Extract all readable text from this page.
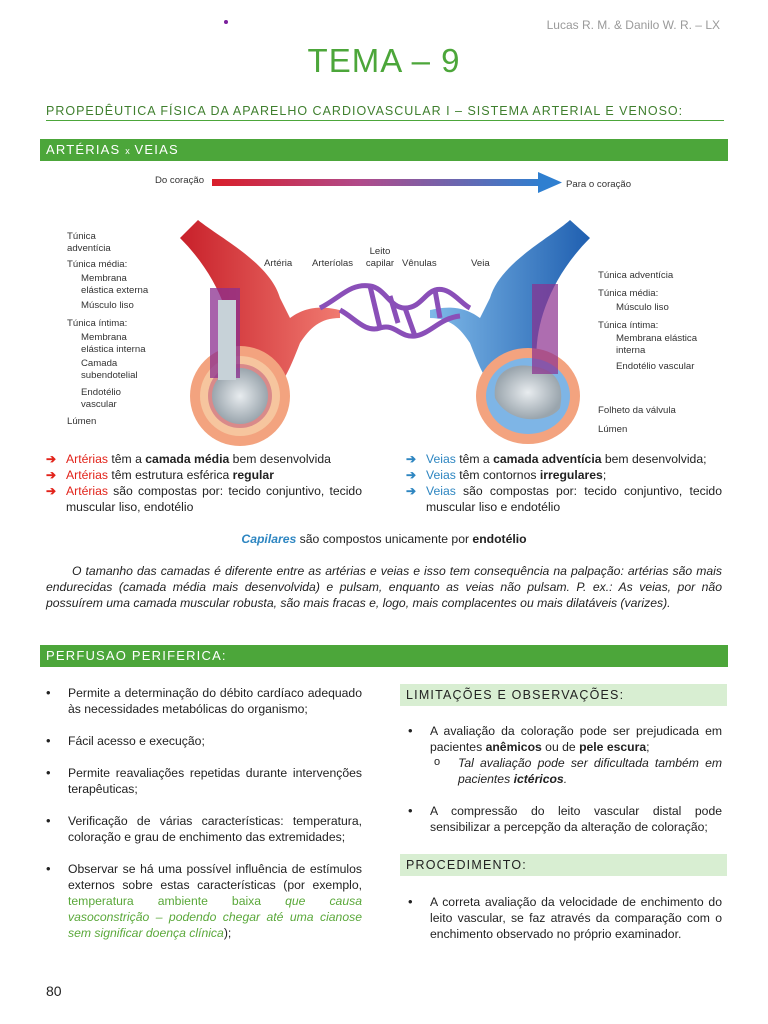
Lucas R. M. & Danilo W. R. – LX
TEMA – 9
PROPEDÊUTICA FÍSICA DA APARELHO CARDIOVASCULAR I – SISTEMA ARTERIAL E VENOSO:
ARTÉRIAS x VEIAS
Do coração	Para o coração
Artéria Arteríolas
Leito capilar Vênulas	Veia
Túnica adventícia
Túnica média:
Membrana elástica externa
Músculo liso
Túnica íntima:
Membrana elástica interna
Camada subendotelial
Endotélio vascular
Lúmen
Túnica adventícia
Túnica média:
Músculo liso
Túnica íntima:
Membrana elástica interna
Endotélio vascular
Folheto da válvula
Lúmen
➔ Artérias têm a camada média bem desenvolvida
➔ Artérias têm estrutura esférica regular
➔ Artérias são compostas por: tecido conjuntivo, tecido muscular liso, endotélio
➔ Veias têm a camada adventícia bem desenvolvida;
➔ Veias têm contornos irregulares;
➔ Veias são compostas por: tecido conjuntivo, tecido muscular liso e endotélio
Capilares são compostos unicamente por endotélio
O tamanho das camadas é diferente entre as artérias e veias e isso tem consequência na palpação: artérias são mais endurecidas (camada média mais desenvolvida) e pulsam, enquanto as veias não pulsam. P. ex.: As veias, por não possuírem uma camada muscular robusta, são mais fracas e, logo, mais complacentes ou mais dilatáveis (varizes).
PERFUSAO PERIFERICA:
• Permite a determinação do débito cardíaco adequado às necessidades metabólicas do organismo;
• Fácil acesso e execução;
• Permite reavaliações repetidas durante intervenções terapêuticas;
• Verificação de várias características: temperatura, coloração e grau de enchimento das extremidades;
• Observar se há uma possível influência de estímulos externos sobre estas características (por exemplo, temperatura ambiente baixa que causa vasoconstrição – podendo chegar até uma cianose sem significar doença clínica);
LIMITAÇÕES E OBSERVAÇÕES:
• A avaliação da coloração pode ser prejudicada em pacientes anêmicos ou de pele escura;
o Tal avaliação pode ser dificultada também em pacientes ictéricos.
• A compressão do leito vascular distal pode sensibilizar a percepção da alteração de coloração;
PROCEDIMENTO:
• A correta avaliação da velocidade de enchimento do leito vascular, se faz através da comparação com o enchimento observado no próprio examinador.
80
